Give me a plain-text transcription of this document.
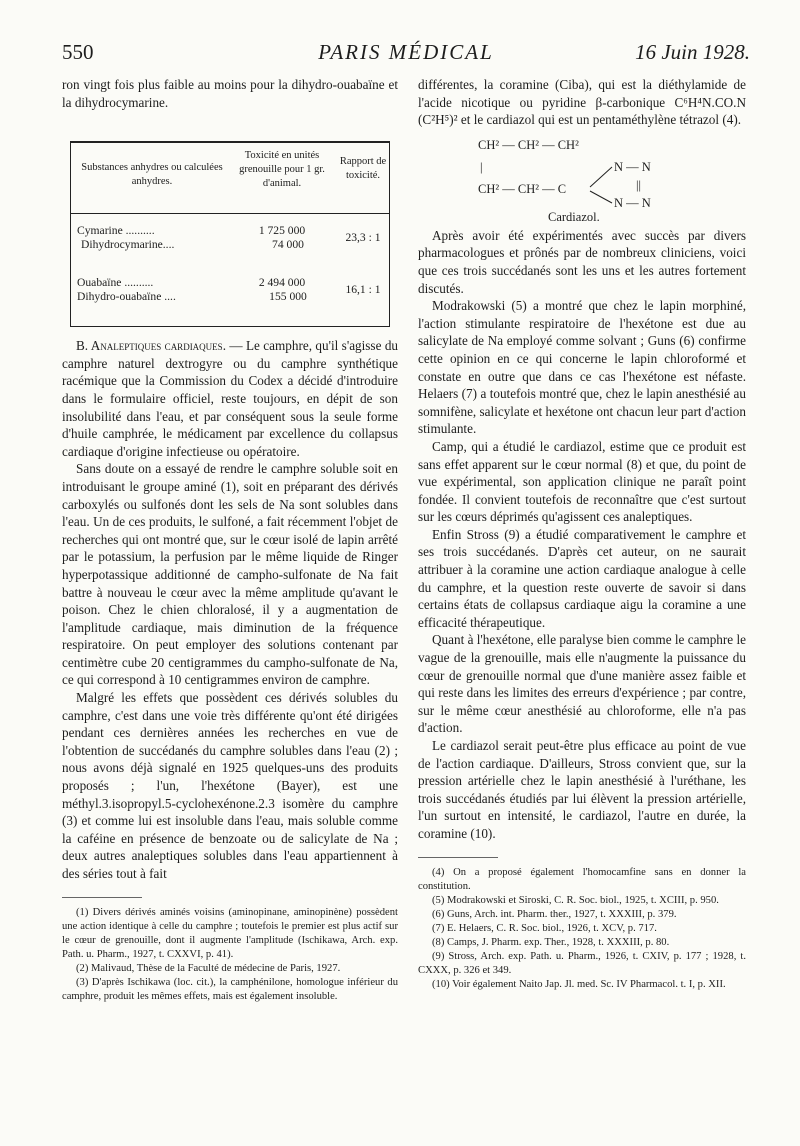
550	PARIS MÉDICAL	16 Juin 1928.

ron vingt fois plus faible au moins pour la dihydro-ouabaïne et la dihydrocymarine.

Substances anhydres ou calculées anhydres.
Toxicité en unités grenouille pour 1 gr. d'animal.
Rapport de toxicité.
Cymarine ..........
Dihydrocymarine....
1 725 000
74 000
23,3 : 1
Ouabaïne ..........
Dihydro-ouabaïne ....
2 494 000
155 000
16,1 : 1

B. Analeptiques cardiaques. — Le camphre, qu'il s'agisse du camphre naturel dextrogyre ou du camphre synthétique racémique que la Commission du Codex a décidé d'introduire dans le formulaire officiel, reste toujours, en dépit de son insolubilité dans l'eau, et par conséquent sous la seule forme d'huile camphrée, le médicament par excellence du collapsus cardiaque d'origine infectieuse ou opératoire.

Sans doute on a essayé de rendre le camphre soluble soit en introduisant le groupe aminé (1), soit en préparant des dérivés carboxylés ou sulfonés dont les sels de Na sont solubles dans l'eau. Un de ces produits, le sulfoné, a fait récemment l'objet de recherches qui ont montré que, sur le cœur isolé de lapin arrêté par le potassium, la perfusion par le même liquide de Ringer hyperpotassique additionné de campho-sulfonate de Na fait battre à nouveau le cœur avec la même amplitude qu'avant le poison. Chez le chien chloralosé, il y a augmentation de l'amplitude cardiaque, mais diminution de la fréquence respiratoire. On peut employer des solutions contenant par centimètre cube 20 centigrammes du campho-sulfonate de Na, ce qui correspond à 10 centigrammes environ de camphre.

Malgré les effets que possèdent ces dérivés solubles du camphre, c'est dans une voie très différente qu'ont été dirigées pendant ces dernières années les recherches en vue de l'obtention de succédanés du camphre solubles dans l'eau (2) ; nous avons déjà signalé en 1925 quelques-uns des produits proposés ; l'un, l'hexétone (Bayer), est une méthyl.3.isopropyl.5-cyclohexénone.2.3 isomère du camphre (3) et comme lui est insoluble dans l'eau, mais soluble comme la caféine en présence de benzoate ou de salicylate de Na ; deux autres analeptiques solubles dans l'eau appartiennent à des séries tout à fait

(1) Divers dérivés aminés voisins (aminopinane, aminopinène) possèdent une action identique à celle du camphre ; toutefois le premier est plus actif sur le cœur de grenouille, dont il augmente l'amplitude (Ischikawa, Arch. exp. Path. u. Pharm., 1927, t. CXXVI, p. 41).

(2) Malivaud, Thèse de la Faculté de médecine de Paris, 1927.

(3) D'après Ischikawa (loc. cit.), la camphénilone, homologue inférieur du camphre, produit les mêmes effets, mais est également insoluble.

différentes, la coramine (Ciba), qui est la diéthylamide de l'acide nicotique ou pyridine β-carbonique C⁶H⁴N.CO.N (C²H⁵)² et le cardiazol qui est un pentaméthylène tétrazol (4).

CH² — CH² — CH²
|
CH² — CH² — C
N — N
||
N — N
Cardiazol.

Après avoir été expérimentés avec succès par divers pharmacologues et prônés par de nombreux cliniciens, voici que ces trois succédanés sont les uns et les autres fortement discutés.

Modrakowski (5) a montré que chez le lapin morphiné, l'action stimulante respiratoire de l'hexétone est due au salicylate de Na employé comme solvant ; Guns (6) confirme cette opinion en ce qui concerne le lapin chloroformé et constate en outre que dans ce cas l'hexétone est néfaste. Helaers (7) a toutefois montré que, chez le lapin anesthésié au somnifène, salicylate et hexétone ont chacun leur part d'action stimulante.

Camp, qui a étudié le cardiazol, estime que ce produit est sans effet apparent sur le cœur normal (8) et que, du point de vue expérimental, son application clinique ne paraît point fondée. Il convient toutefois de reconnaître que c'est surtout sur les cœurs déprimés qu'agissent ces analeptiques.

Enfin Stross (9) a étudié comparativement le camphre et ses trois succédanés. D'après cet auteur, on ne saurait attribuer à la coramine une action cardiaque analogue à celle du camphre, et la question reste ouverte de savoir si dans certains états de collapsus cardiaque aigu la coramine a une efficacité thérapeutique.

Quant à l'hexétone, elle paralyse bien comme le camphre le vague de la grenouille, mais elle n'augmente la puissance du cœur de grenouille normal que d'une manière assez faible et qui reste dans les limites des erreurs d'expérience ; par contre, sur le même cœur anesthésié au chloroforme, elle n'a pas d'action.

Le cardiazol serait peut-être plus efficace au point de vue de l'action cardiaque. D'ailleurs, Stross convient que, sur la pression artérielle chez le lapin anesthésié à l'uréthane, les trois succédanés étudiés par lui élèvent la pression artérielle, l'un surtout en intensité, le cardiazol, l'autre en durée, la coramine (10).

(4) On a proposé également l'homocamfine sans en donner la constitution.

(5) Modrakowski et Siroski, C. R. Soc. biol., 1925, t. XCIII, p. 950.

(6) Guns, Arch. int. Pharm. ther., 1927, t. XXXIII, p. 379.

(7) E. Helaers, C. R. Soc. biol., 1926, t. XCV, p. 717.

(8) Camps, J. Pharm. exp. Ther., 1928, t. XXXIII, p. 80.

(9) Stross, Arch. exp. Path. u. Pharm., 1926, t. CXIV, p. 177 ; 1928, t. CXXX, p. 326 et 349.

(10) Voir également Naito Jap. Jl. med. Sc. IV Pharmacol. t. I, p. XII.
